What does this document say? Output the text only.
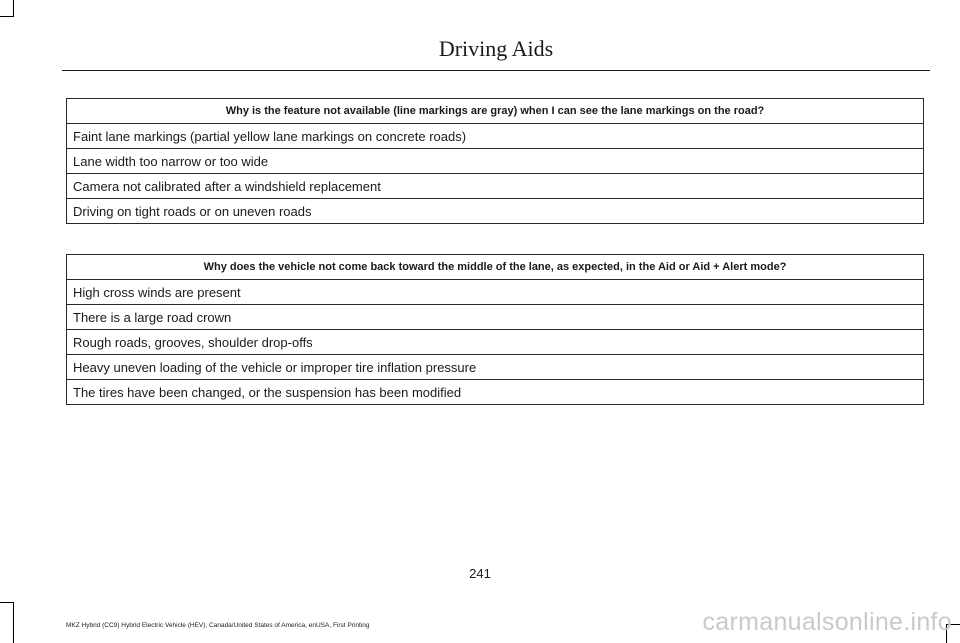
Driving Aids
Why is the feature not available (line markings are gray) when I can see the lane markings on the road?
Faint lane markings (partial yellow lane markings on concrete roads)
Lane width too narrow or too wide
Camera not calibrated after a windshield replacement
Driving on tight roads or on uneven roads
Why does the vehicle not come back toward the middle of the lane, as expected, in the Aid or Aid + Alert mode?
High cross winds are present
There is a large road crown
Rough roads, grooves, shoulder drop-offs
Heavy uneven loading of the vehicle or improper tire inflation pressure
The tires have been changed, or the suspension has been modified
241
MKZ Hybrid (CC9) Hybrid Electric Vehicle (HEV), Canada/United States of America, enUSA, First Printing	carmanualsonline.info
